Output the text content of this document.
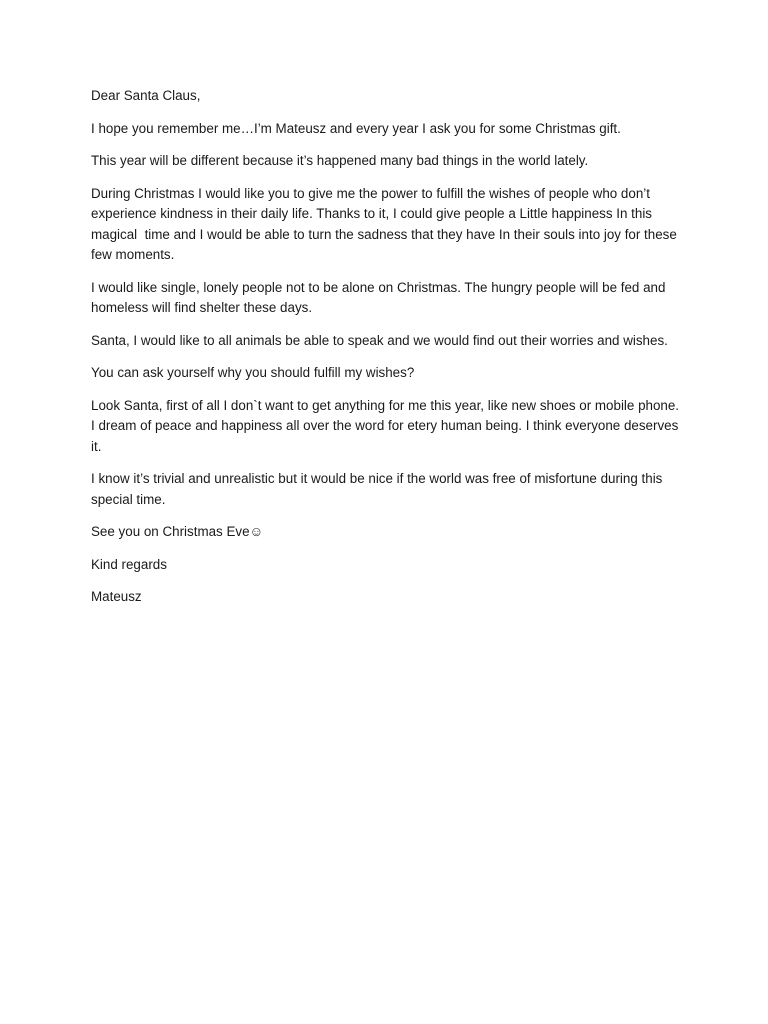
Dear Santa Claus,

I hope you remember me…I’m Mateusz and every year I ask you for some Christmas gift.

This year will be different because it’s happened many bad things in the world lately.

During Christmas I would like you to give me the power to fulfill the wishes of people who don’t experience kindness in their daily life. Thanks to it, I could give people a Little happiness In this magical  time and I would be able to turn the sadness that they have In their souls into joy for these few moments.

I would like single, lonely people not to be alone on Christmas. The hungry people will be fed and homeless will find shelter these days.

Santa, I would like to all animals be able to speak and we would find out their worries and wishes.

You can ask yourself why you should fulfill my wishes?

Look Santa, first of all I don`t want to get anything for me this year, like new shoes or mobile phone. I dream of peace and happiness all over the word for etery human being. I think everyone deserves it.

I know it’s trivial and unrealistic but it would be nice if the world was free of misfortune during this special time.

See you on Christmas Eve☺

Kind regards

Mateusz
